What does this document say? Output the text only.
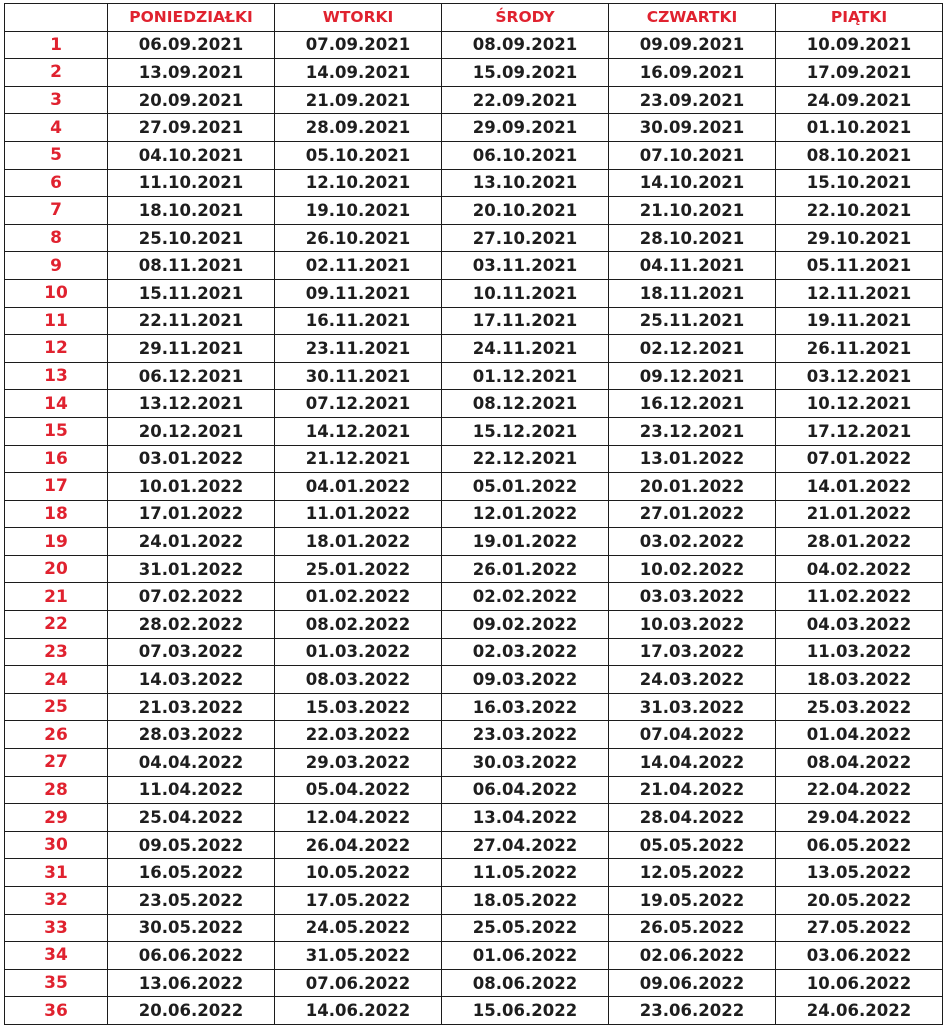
	PONIEDZIAŁKI	WTORKI	ŚRODY	CZWARTKI	PIĄTKI
1	06.09.2021	07.09.2021	08.09.2021	09.09.2021	10.09.2021
2	13.09.2021	14.09.2021	15.09.2021	16.09.2021	17.09.2021
3	20.09.2021	21.09.2021	22.09.2021	23.09.2021	24.09.2021
4	27.09.2021	28.09.2021	29.09.2021	30.09.2021	01.10.2021
5	04.10.2021	05.10.2021	06.10.2021	07.10.2021	08.10.2021
6	11.10.2021	12.10.2021	13.10.2021	14.10.2021	15.10.2021
7	18.10.2021	19.10.2021	20.10.2021	21.10.2021	22.10.2021
8	25.10.2021	26.10.2021	27.10.2021	28.10.2021	29.10.2021
9	08.11.2021	02.11.2021	03.11.2021	04.11.2021	05.11.2021
10	15.11.2021	09.11.2021	10.11.2021	18.11.2021	12.11.2021
11	22.11.2021	16.11.2021	17.11.2021	25.11.2021	19.11.2021
12	29.11.2021	23.11.2021	24.11.2021	02.12.2021	26.11.2021
13	06.12.2021	30.11.2021	01.12.2021	09.12.2021	03.12.2021
14	13.12.2021	07.12.2021	08.12.2021	16.12.2021	10.12.2021
15	20.12.2021	14.12.2021	15.12.2021	23.12.2021	17.12.2021
16	03.01.2022	21.12.2021	22.12.2021	13.01.2022	07.01.2022
17	10.01.2022	04.01.2022	05.01.2022	20.01.2022	14.01.2022
18	17.01.2022	11.01.2022	12.01.2022	27.01.2022	21.01.2022
19	24.01.2022	18.01.2022	19.01.2022	03.02.2022	28.01.2022
20	31.01.2022	25.01.2022	26.01.2022	10.02.2022	04.02.2022
21	07.02.2022	01.02.2022	02.02.2022	03.03.2022	11.02.2022
22	28.02.2022	08.02.2022	09.02.2022	10.03.2022	04.03.2022
23	07.03.2022	01.03.2022	02.03.2022	17.03.2022	11.03.2022
24	14.03.2022	08.03.2022	09.03.2022	24.03.2022	18.03.2022
25	21.03.2022	15.03.2022	16.03.2022	31.03.2022	25.03.2022
26	28.03.2022	22.03.2022	23.03.2022	07.04.2022	01.04.2022
27	04.04.2022	29.03.2022	30.03.2022	14.04.2022	08.04.2022
28	11.04.2022	05.04.2022	06.04.2022	21.04.2022	22.04.2022
29	25.04.2022	12.04.2022	13.04.2022	28.04.2022	29.04.2022
30	09.05.2022	26.04.2022	27.04.2022	05.05.2022	06.05.2022
31	16.05.2022	10.05.2022	11.05.2022	12.05.2022	13.05.2022
32	23.05.2022	17.05.2022	18.05.2022	19.05.2022	20.05.2022
33	30.05.2022	24.05.2022	25.05.2022	26.05.2022	27.05.2022
34	06.06.2022	31.05.2022	01.06.2022	02.06.2022	03.06.2022
35	13.06.2022	07.06.2022	08.06.2022	09.06.2022	10.06.2022
36	20.06.2022	14.06.2022	15.06.2022	23.06.2022	24.06.2022
